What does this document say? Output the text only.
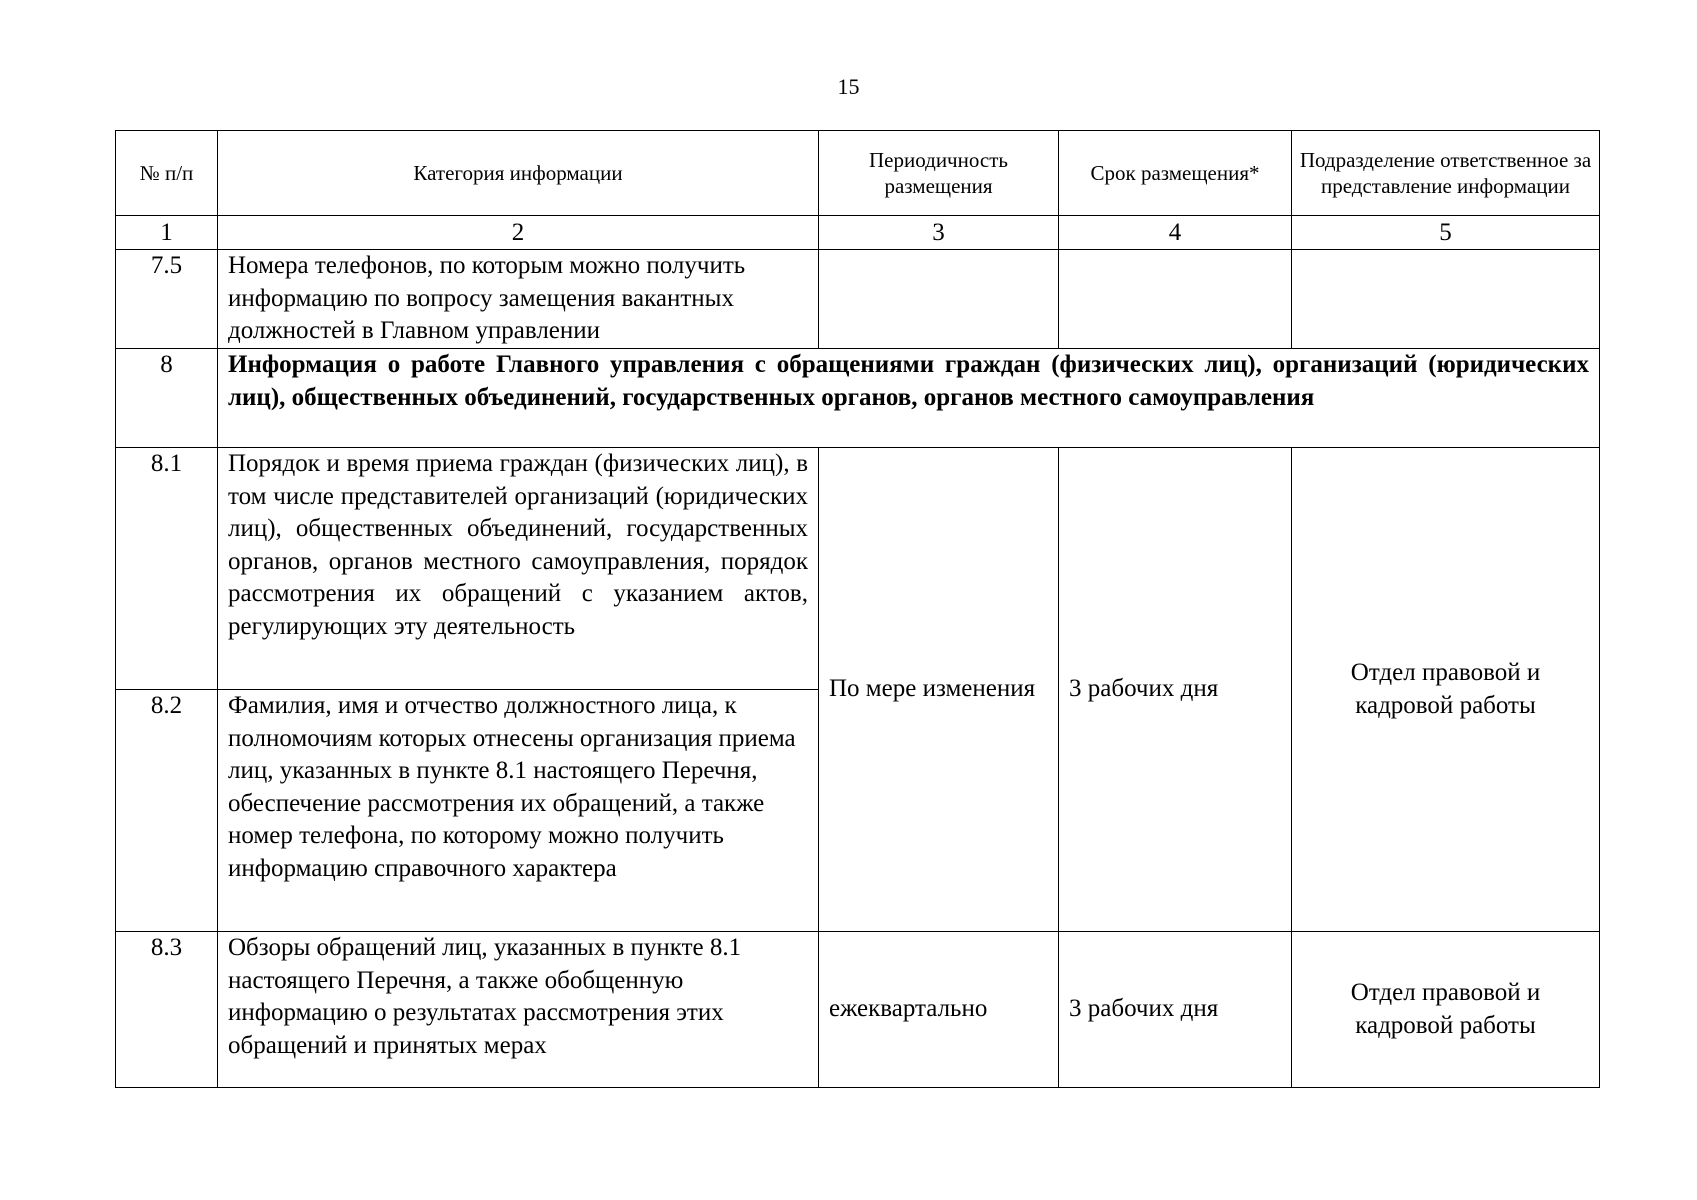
15
№ п/п	Категория информации	Периодичность размещения	Срок размещения*	Подразделение ответственное за представление информации
1	2	3	4	5
7.5	Номера телефонов, по которым можно получить информацию по вопросу замещения вакантных должностей в Главном управлении			
8	Информация о работе Главного управления с обращениями граждан (физических лиц), организаций (юридических лиц), общественных объединений, государственных органов, органов местного самоуправления			
8.1	Порядок и время приема граждан (физических лиц), в том числе представителей организаций (юридических лиц), общественных объединений, государственных органов, органов местного самоуправления, порядок рассмотрения их обращений с указанием актов, регулирующих эту деятельность	По мере изменения	3 рабочих дня	Отдел правовой и кадровой работы
8.2	Фамилия, имя и отчество должностного лица, к полномочиям которых отнесены организация приема лиц, указанных в пункте 8.1 настоящего Перечня, обеспечение рассмотрения их обращений, а также номер телефона, по которому можно получить информацию справочного характера			
8.3	Обзоры обращений лиц, указанных в пункте 8.1 настоящего Перечня, а также обобщенную информацию о результатах рассмотрения этих обращений и принятых мерах	ежеквартально	3 рабочих дня	Отдел правовой и кадровой работы
